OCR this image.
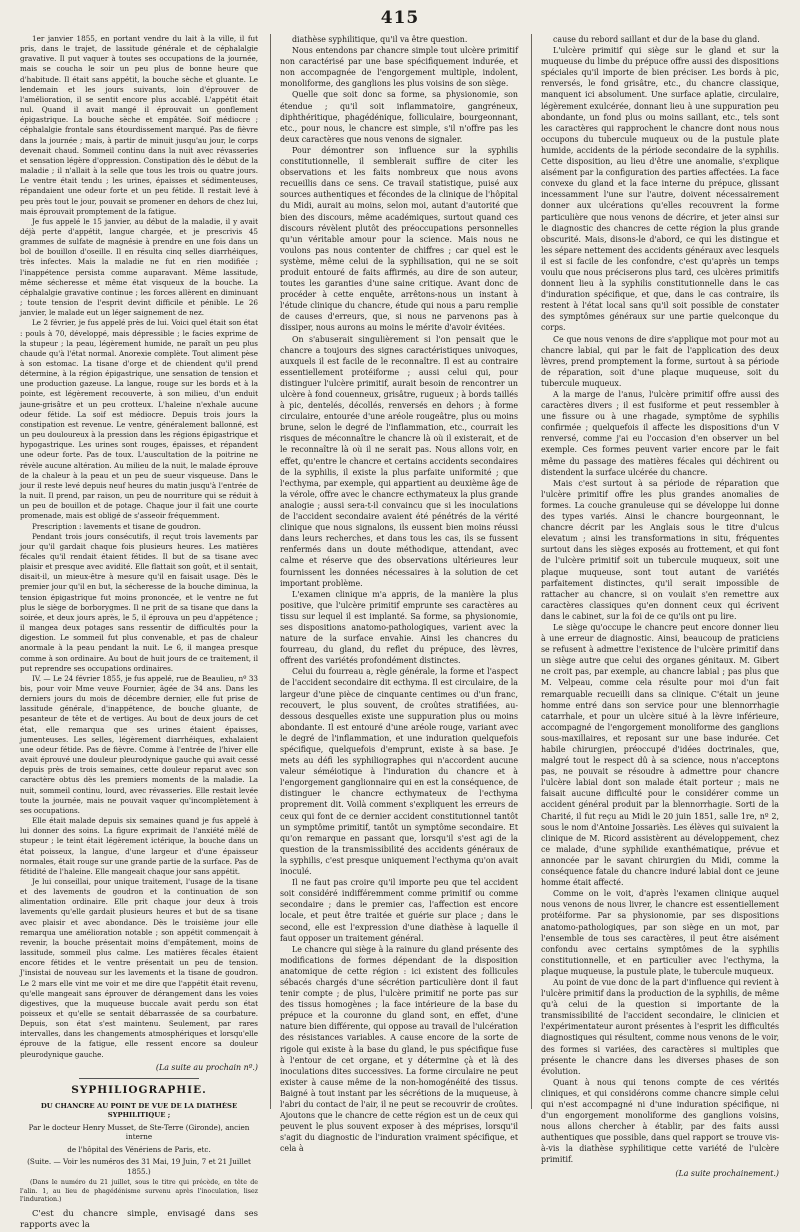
415

1er janvier 1855, en portant vendre du lait à la ville, il fut pris, dans le trajet, de lassitude générale et de céphalalgie gravative. Il put vaquer à toutes ses occupations de la journée, mais se coucha le soir un peu plus de bonne heure que d'habitude. Il était sans appétit, la bouche sèche et gluante. Le lendemain et les jours suivants, loin d'éprouver de l'amélioration, il se sentit encore plus accablé. L'appétit était nul. Quand il avait mangé il éprouvait un gonflement épigastrique. La bouche sèche et empâtée. Soif médiocre ; céphalalgie frontale sans étourdissement marqué. Pas de fièvre dans la journée ; mais, à partir de minuit jusqu'au jour, le corps devenait chaud. Sommeil continu dans la nuit avec révasseries et sensation légère d'oppression. Constipation dès le début de la maladie ; il n'allait à la selle que tous les trois ou quatre jours. Le ventre était tendu ; les urines, épaisses et sédimenteuses, répandaient une odeur forte et un peu fétide. Il restait levé à peu près tout le jour, pouvait se promener en dehors de chez lui, mais éprouvait promptement de la fatigue.

Je fus appelé le 15 janvier, au début de la maladie, il y avait déjà perte d'appétit, langue chargée, et je prescrivis 45 grammes de sulfate de magnésie à prendre en une fois dans un bol de bouillon d'oseille. Il en résulta cinq selles diarrhéiques, très infectes. Mais la maladie ne fut en rien modifiée ; l'inappétence persista comme auparavant. Même lassitude, même sécheresse et même état visqueux de la bouche. La céphalalgie gravative continue ; les forces allèrent en diminuant ; toute tension de l'esprit devint difficile et pénible. Le 26 janvier, le malade eut un léger saignement de nez.

Le 2 février, je fus appelé près de lui. Voici quel était son état : pouls à 70, développé, mais dépressible ; le facies exprime de la stupeur ; la peau, légèrement humide, ne paraît un peu plus chaude qu'à l'état normal. Anorexie complète. Tout aliment pèse à son estomac. La tisane d'orge et de chiendent qu'il prend détermine, à la région épigastrique, une sensation de tension et une production gazeuse. La langue, rouge sur les bords et à la pointe, est légèrement recouverte, à son milieu, d'un enduit jaune-grisâtre et un peu crotteux. L'haleine n'exhale aucune odeur fétide. La soif est médiocre. Depuis trois jours la constipation est revenue. Le ventre, généralement ballonné, est un peu douloureux à la pression dans les régions épigastrique et hypogastrique. Les urines sont rouges, épaisses, et répandent une odeur forte. Pas de toux. L'auscultation de la poitrine ne révèle aucune altération. Au milieu de la nuit, le malade éprouve de la chaleur à la peau et un peu de sueur visqueuse. Dans le jour il reste levé depuis neuf heures du matin jusqu'à l'entrée de la nuit. Il prend, par raison, un peu de nourriture qui se réduit à un peu de bouillon et de potage. Chaque jour il fait une courte promenade, mais est obligé de s'asseoir fréquemment.

Prescription : lavements et tisane de goudron.

Pendant trois jours consécutifs, il reçut trois lavements par jour qu'il gardait chaque fois plusieurs heures. Les matières fécales qu'il rendait étaient fétides. Il but de sa tisane avec plaisir et presque avec avidité. Elle flattait son goût, et il sentait, disait-il, un mieux-être à mesure qu'il en faisait usage. Dès le premier jour qu'il en but, la sécheresse de la bouche diminua, la tension épigastrique fut moins prononcée, et le ventre ne fut plus le siège de borborygmes. Il ne prit de sa tisane que dans la soirée, et deux jours après, le 5, il éprouva un peu d'appétence ; il mangea deux potages sans ressentir de difficultés pour la digestion. Le sommeil fut plus convenable, et pas de chaleur anormale à la peau pendant la nuit. Le 6, il mangea presque comme à son ordinaire. Au bout de huit jours de ce traitement, il put reprendre ses occupations ordinaires.

IV. — Le 24 février 1855, je fus appelé, rue de Beaulieu, nº 33 bis, pour voir Mme veuve Fournier, âgée de 34 ans. Dans les derniers jours du mois de décembre dernier, elle fut prise de lassitude générale, d'inappétence, de bouche gluante, de pesanteur de tête et de vertiges. Au bout de deux jours de cet état, elle remarqua que ses urines étaient épaisses, jumenteuses. Les selles, légèrement diarrhéiques, exhalaient une odeur fétide. Pas de fièvre. Comme à l'entrée de l'hiver elle avait éprouvé une douleur pleurodynique gauche qui avait cessé depuis près de trois semaines, cette douleur reparut avec son caractère obtus dès les premiers moments de la maladie. La nuit, sommeil continu, lourd, avec révasseries. Elle restait levée toute la journée, mais ne pouvait vaquer qu'incomplètement à ses occupations.

Elle était malade depuis six semaines quand je fus appelé à lui donner des soins. La figure exprimait de l'anxiété mêlé de stupeur ; le teint était légèrement ictérique, la bouche dans un état poisseux, la langue, d'une largeur et d'une épaisseur normales, était rouge sur une grande partie de la surface. Pas de fétidité de l'haleine. Elle mangeait chaque jour sans appétit.

Je lui conseillai, pour unique traitement, l'usage de la tisane et des lavements de goudron et la continuation de son alimentation ordinaire. Elle prit chaque jour deux à trois lavements qu'elle gardait plusieurs heures et but de sa tisane avec plaisir et avec abondance. Dès le troisième jour elle remarqua une amélioration notable ; son appétit commençait à revenir, la bouche présentait moins d'empâtement, moins de lassitude, sommeil plus calme. Les matières fécales étaient encore fétides et le ventre présentait un peu de tension. J'insistai de nouveau sur les lavements et la tisane de goudron. Le 2 mars elle vint me voir et me dire que l'appétit était revenu, qu'elle mangeait sans éprouver de dérangement dans les voies digestives, que la muqueuse buccale avait perdu son état poisseux et qu'elle se sentait débarrassée de sa courbature. Depuis, son état s'est maintenu. Seulement, par rares intervalles, dans les changements atmosphériques et lorsqu'elle éprouve de la fatigue, elle ressent encore sa douleur pleurodynique gauche.

(La suite au prochain nº.)
SYPHILIOGRAPHIE.
DU CHANCRE AU POINT DE VUE DE LA DIATHÈSE SYPHILITIQUE ;
Par le docteur Henry Musset, de Ste-Terre (Gironde), ancien interne
de l'hôpital des Vénériens de Paris, etc.
(Suite. — Voir les numéros des 31 Mai, 19 Juin, 7 et 21 Juillet 1855.)

(Dans le numéro du 21 juillet, sous le titre qui précède, en tête de l'alin. 1, au lieu de phagédénisme survenu après l'inoculation, lisez l'induration.)

C'est du chancre simple, envisagé dans ses rapports avec la

diathèse syphilitique, qu'il va être question.

Nous entendons par chancre simple tout ulcère primitif non caractérisé par une base spécifiquement indurée, et non accompagnée de l'engorgement multiple, indolent, monoliforme, des ganglions les plus voisins de son siège.

Quelle que soit donc sa forme, sa physionomie, son étendue ; qu'il soit inflammatoire, gangréneux, diphthéritique, phagédénique, folliculaire, bourgeonnant, etc., pour nous, le chancre est simple, s'il n'offre pas les deux caractères que nous venons de signaler.

Pour démontrer son influence sur la syphilis constitutionnelle, il semblerait suffire de citer les observations et les faits nombreux que nous avons recueillis dans ce sens. Ce travail statistique, puisé aux sources authentiques et fécondes de la clinique de l'hôpital du Midi, aurait au moins, selon moi, autant d'autorité que bien des discours, même académiques, surtout quand ces discours révèlent plutôt des préoccupations personnelles qu'un véritable amour pour la science. Mais nous ne voulons pas nous contenter de chiffres ; car quel est le système, même celui de la syphilisation, qui ne se soit produit entouré de faits affirmés, au dire de son auteur, toutes les garanties d'une saine critique. Avant donc de procéder à cette enquête, arrêtons-nous un instant à l'étude clinique du chancre, étude qui nous a paru remplie de causes d'erreurs, que, si nous ne parvenons pas à dissiper, nous aurons au moins le mérite d'avoir évitées.

On s'abuserait singulièrement si l'on pensait que le chancre a toujours des signes caractéristiques univoques, auxquels il est facile de le reconnaître. Il est au contraire essentiellement protéiforme ; aussi celui qui, pour distinguer l'ulcère primitif, aurait besoin de rencontrer un ulcère à fond couenneux, grisâtre, rugueux ; à bords taillés à pic, dentelés, décollés, renversés en dehors ; à forme circulaire, entourée d'une aréole rougeâtre, plus ou moins brune, selon le degré de l'inflammation, etc., courrait les risques de méconnaître le chancre là où il existerait, et de le reconnaître là où il ne serait pas. Nous allons voir, en effet, qu'entre le chancre et certains accidents secondaires de la syphilis, il existe la plus parfaite uniformité ; que l'ecthyma, par exemple, qui appartient au deuxième âge de la vérole, offre avec le chancre ecthymateux la plus grande analogie ; aussi sera-t-il convaincu que si les inoculations de l'accident secondaire avaient été pénétrés de la vérité clinique que nous signalons, ils eussent bien moins réussi dans leurs recherches, et dans tous les cas, ils se fussent renfermés dans un doute méthodique, attendant, avec calme et réserve que des observations ultérieures leur fournissent les données nécessaires à la solution de cet important problème.

L'examen clinique m'a appris, de la manière la plus positive, que l'ulcère primitif emprunte ses caractères au tissu sur lequel il est implanté. Sa forme, sa physionomie, ses dispositions anatomo-pathologiques, varient avec la nature de la surface envahie. Ainsi les chancres du fourreau, du gland, du reflet du prépuce, des lèvres, offrent des variétés profondément distinctes.

Celui du fourreau a, règle générale, la forme et l'aspect de l'accident secondaire dit ecthyma. Il est circulaire, de la largeur d'une pièce de cinquante centimes ou d'un franc, recouvert, le plus souvent, de croûtes stratifiées, au-dessous desquelles existe une suppuration plus ou moins abondante. Il est entouré d'une aréole rouge, variant avec le degré de l'inflammation, et une induration quelquefois spécifique, quelquefois d'emprunt, existe à sa base. Je mets au défi les syphiliographes qui n'accordent aucune valeur séméiotique à l'induration du chancre et à l'engorgement ganglionnaire qui en est la conséquence, de distinguer le chancre ecthymateux de l'ecthyma proprement dit. Voilà comment s'expliquent les erreurs de ceux qui font de ce dernier accident constitutionnel tantôt un symptôme primitif, tantôt un symptôme secondaire. Et qu'on remarque en passant que, lorsqu'il s'est agi de la question de la transmissibilité des accidents généraux de la syphilis, c'est presque uniquement l'ecthyma qu'on avait inoculé.

Il ne faut pas croire qu'il importe peu que tel accident soit considéré indifféremment comme primitif ou comme secondaire ; dans le premier cas, l'affection est encore locale, et peut être traitée et guérie sur place ; dans le second, elle est l'expression d'une diathèse à laquelle il faut opposer un traitement général.

Le chancre qui siège à la rainure du gland présente des modifications de formes dépendant de la disposition anatomique de cette région : ici existent des follicules sébacés chargés d'une sécrétion particulière dont il faut tenir compte ; de plus, l'ulcère primitif ne porte pas sur des tissus homogènes ; la face intérieure de la base du prépuce et la couronne du gland sont, en effet, d'une nature bien différente, qui oppose au travail de l'ulcération des résistances variables. A cause encore de la sorte de rigole qui existe à la base du gland, le pus spécifique fuse à l'entour de cet organe, et y détermine çà et là des inoculations dites successives. La forme circulaire ne peut exister à cause même de la non-homogénéité des tissus. Baigné à tout instant par les sécrétions de la muqueuse, à l'abri du contact de l'air, il ne peut se recouvrir de croûtes. Ajoutons que le chancre de cette région est un de ceux qui peuvent le plus souvent exposer à des méprises, lorsqu'il s'agit du diagnostic de l'induration vraiment spécifique, et cela à

cause du rebord saillant et dur de la base du gland.

L'ulcère primitif qui siège sur le gland et sur la muqueuse du limbe du prépuce offre aussi des dispositions spéciales qu'il importe de bien préciser. Les bords à pic, renversés, le fond grisâtre, etc., du chancre classique, manquent ici absolument. Une surface aplatie, circulaire, légèrement exulcérée, donnant lieu à une suppuration peu abondante, un fond plus ou moins saillant, etc., tels sont les caractères qui rapprochent le chancre dont nous nous occupons du tubercule muqueux ou de la pustule plate humide, accidents de la période secondaire de la syphilis. Cette disposition, au lieu d'être une anomalie, s'explique aisément par la configuration des parties affectées. La face convexe du gland et la face interne du prépuce, glissant incessamment l'une sur l'autre, doivent nécessairement donner aux ulcérations qu'elles recouvrent la forme particulière que nous venons de décrire, et jeter ainsi sur le diagnostic des chancres de cette région la plus grande obscurité. Mais, disons-le d'abord, ce qui les distingue et les sépare nettement des accidents généraux avec lesquels il est si facile de les confondre, c'est qu'après un temps voulu que nous préciserons plus tard, ces ulcères primitifs donnent lieu à la syphilis constitutionnelle dans le cas d'induration spécifique, et que, dans le cas contraire, ils restent à l'état local sans qu'il soit possible de constater des symptômes généraux sur une partie quelconque du corps.

Ce que nous venons de dire s'applique mot pour mot au chancre labial, qui par le fait de l'application des deux lèvres, prend promptement la forme, surtout à sa période de réparation, soit d'une plaque muqueuse, soit du tubercule muqueux.

A la marge de l'anus, l'ulcère primitif offre aussi des caractères divers ; il est fusiforme et peut ressembler à une fissure ou à une rhagade, symptôme de syphilis confirmée ; quelquefois il affecte les dispositions d'un V renversé, comme j'ai eu l'occasion d'en observer un bel exemple. Ces formes peuvent varier encore par le fait même du passage des matières fécales qui déchirent ou distendent la surface ulcérée du chancre.

Mais c'est surtout à sa période de réparation que l'ulcère primitif offre les plus grandes anomalies de formes. La couche granuleuse qui se développe lui donne des types variés. Ainsi le chancre bourgeonnant, le chancre décrit par les Anglais sous le titre d'ulcus elevatum ; ainsi les transformations in situ, fréquentes surtout dans les sièges exposés au frottement, et qui font de l'ulcère primitif soit un tubercule muqueux, soit une plaque muqueuse, sont tout autant de variétés parfaitement distinctes, qu'il serait impossible de rattacher au chancre, si on voulait s'en remettre aux caractères classiques qu'en donnent ceux qui écrivent dans le cabinet, sur la foi de ce qu'ils ont pu lire.

Le siège qu'occupe le chancre peut encore donner lieu à une erreur de diagnostic. Ainsi, beaucoup de praticiens se refusent à admettre l'existence de l'ulcère primitif dans un siège autre que celui des organes génitaux. M. Gibert ne croit pas, par exemple, au chancre labial ; pas plus que M. Velpeau, comme cela résulte pour moi d'un fait remarquable recueilli dans sa clinique. C'était un jeune homme entré dans son service pour une blennorrhagie catarrhale, et pour un ulcère situé à la lèvre inférieure, accompagné de l'engorgement monoliforme des ganglions sous-maxillaires, et reposant sur une base indurée. Cet habile chirurgien, préoccupé d'idées doctrinales, que, malgré tout le respect dû à sa science, nous n'acceptons pas, ne pouvait se résoudre à admettre pour chancre l'ulcère labial dont son malade était porteur ; mais ne faisait aucune difficulté pour le considérer comme un accident général produit par la blennorrhagie. Sorti de la Charité, il fut reçu au Midi le 20 juin 1851, salle 1re, nº 2, sous le nom d'Antoine Jossariès. Les élèves qui suivaient la clinique de M. Ricord assistèrent au développement, chez ce malade, d'une syphilide exanthématique, prévue et annoncée par le savant chirurgien du Midi, comme la conséquence fatale du chancre induré labial dont ce jeune homme était affecté.

Comme on le voit, d'après l'examen clinique auquel nous venons de nous livrer, le chancre est essentiellement protéiforme. Par sa physionomie, par ses dispositions anatomo-pathologiques, par son siège en un mot, par l'ensemble de tous ses caractères, il peut être aisément confondu avec certains symptômes de la syphilis constitutionnelle, et en particulier avec l'ecthyma, la plaque muqueuse, la pustule plate, le tubercule muqueux.

Au point de vue donc de la part d'influence qui revient à l'ulcère primitif dans la production de la syphilis, de même qu'à celui de la question si importante de la transmissibilité de l'accident secondaire, le clinicien et l'expérimentateur auront présentes à l'esprit les difficultés diagnostiques qui résultent, comme nous venons de le voir, des formes si variées, des caractères si multiples que présente le chancre dans les diverses phases de son évolution.

Quant à nous qui tenons compte de ces vérités cliniques, et qui considérons comme chancre simple celui qui n'est accompagné ni d'une induration spécifique, ni d'un engorgement monoliforme des ganglions voisins, nous allons chercher à établir, par des faits aussi authentiques que possible, dans quel rapport se trouve vis-à-vis la diathèse syphilitique cette variété de l'ulcère primitif.

(La suite prochainement.)
